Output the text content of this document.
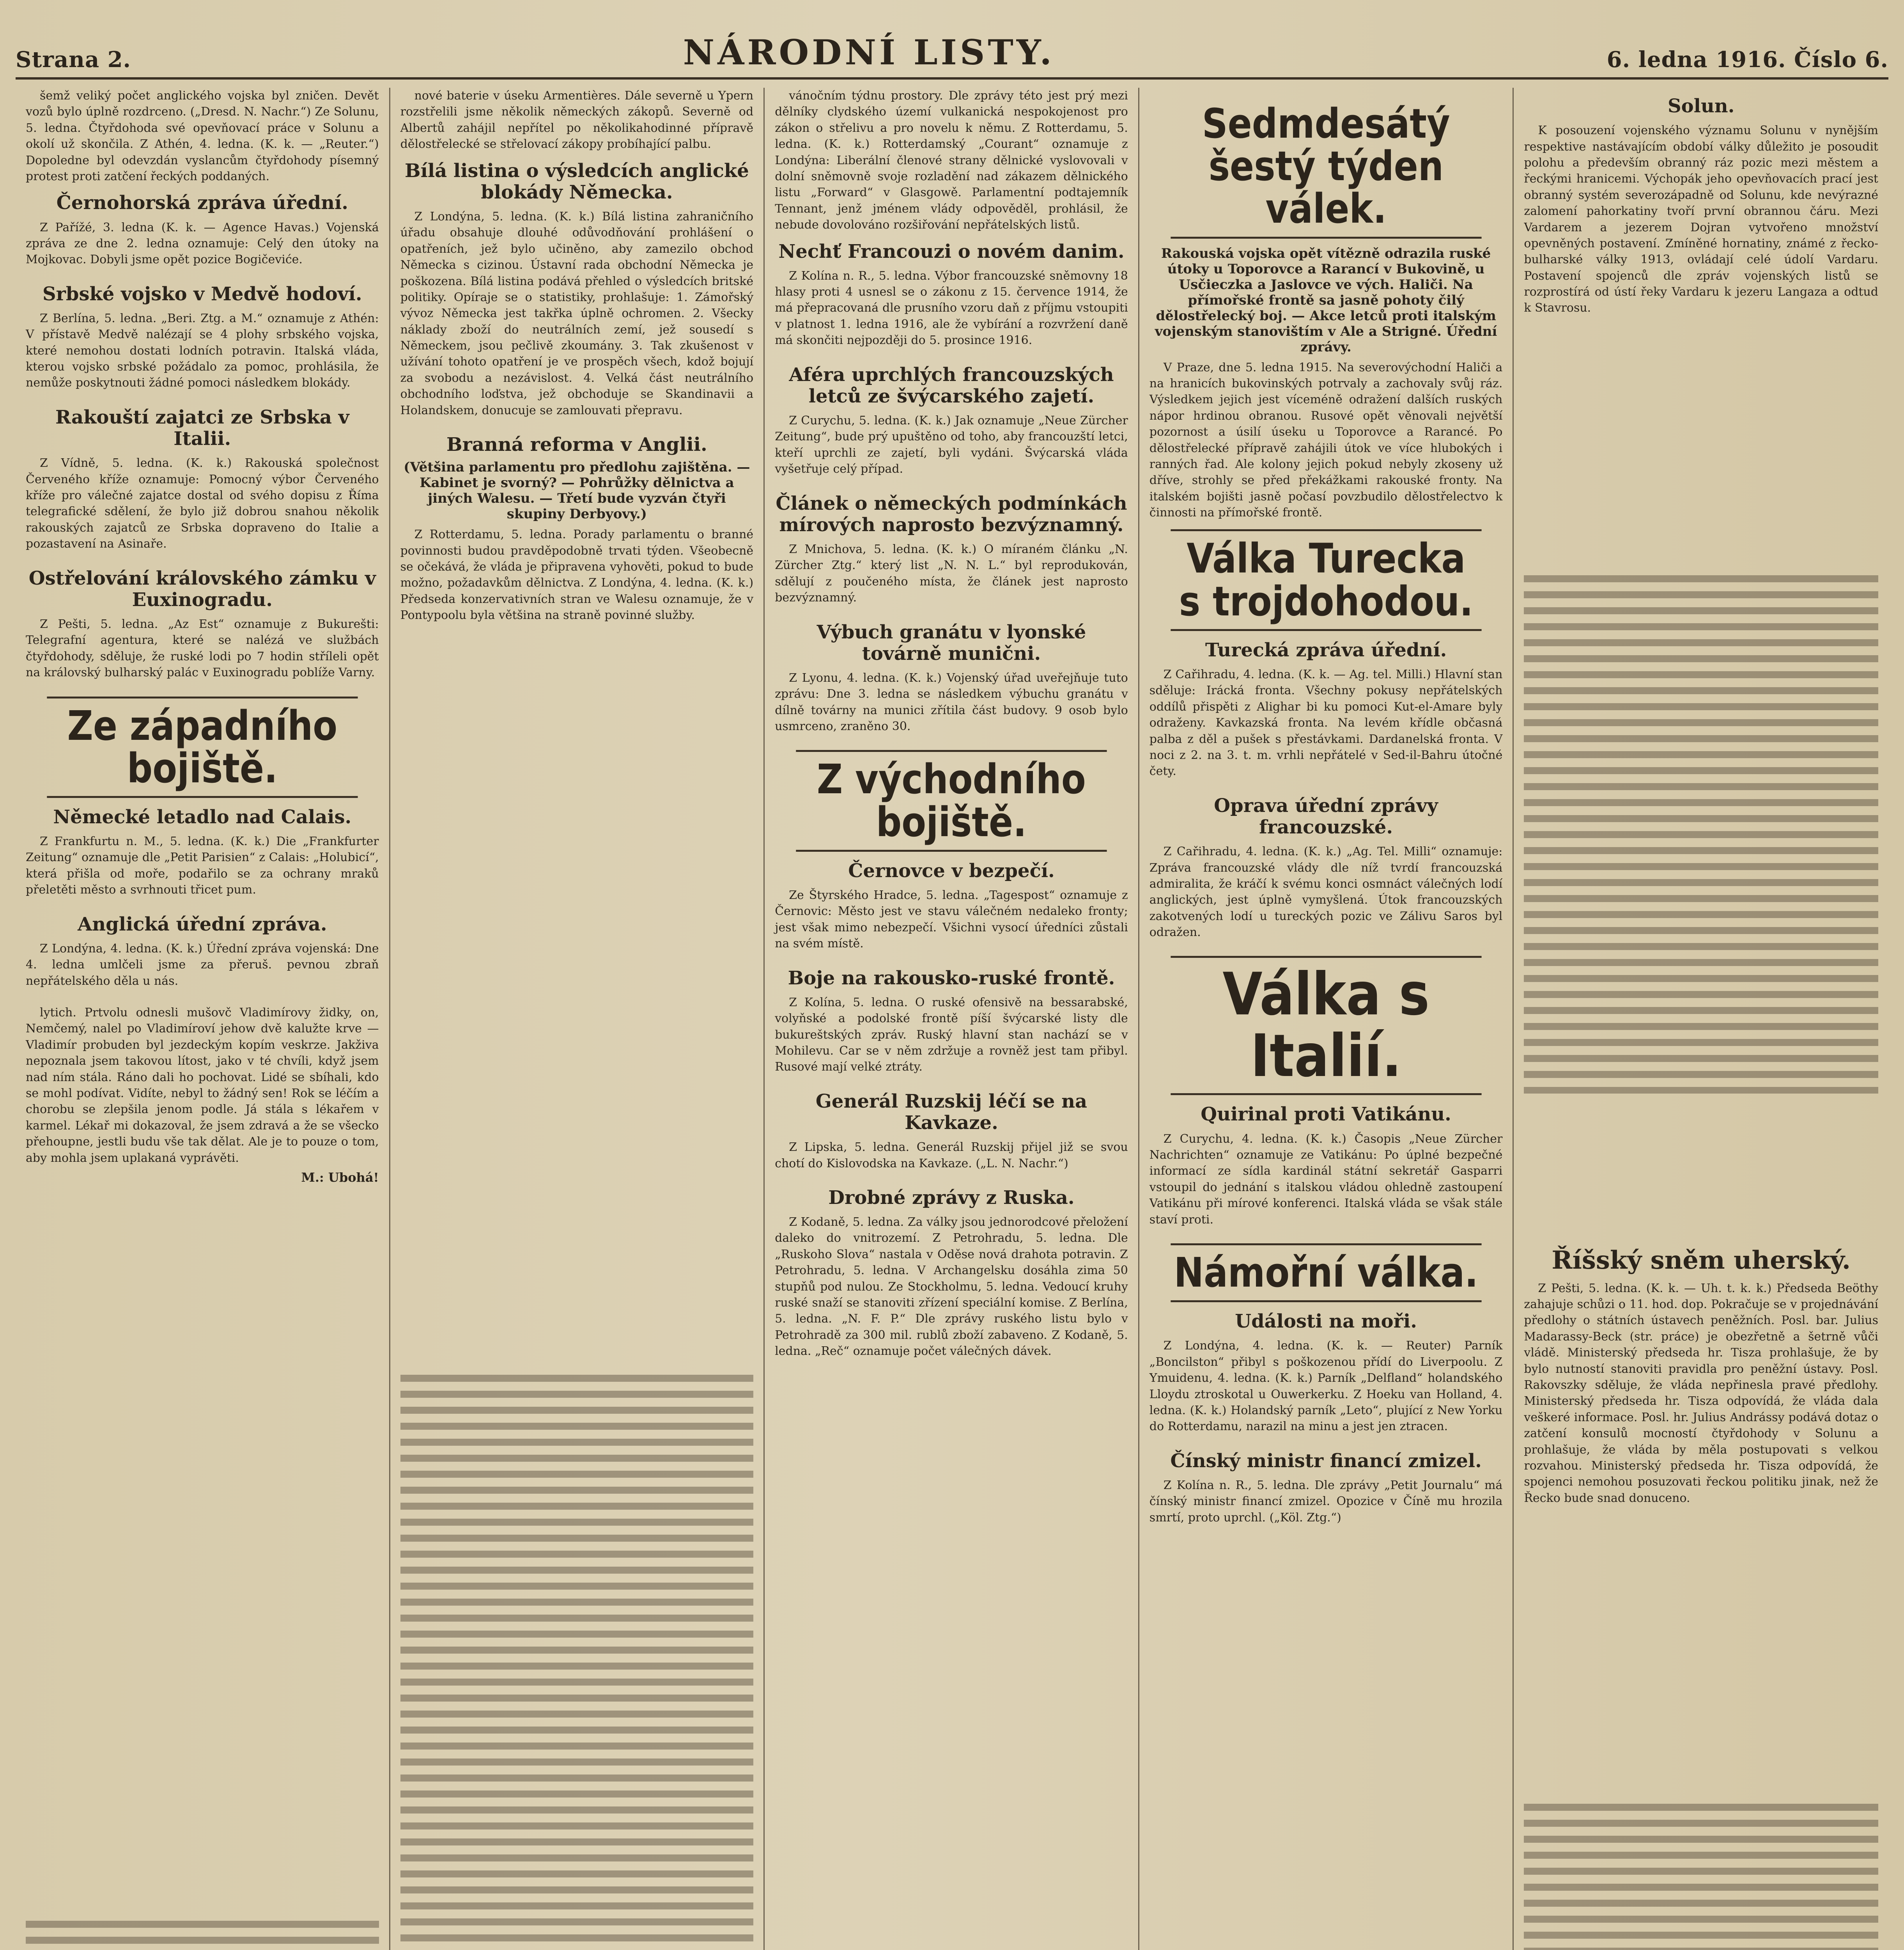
Strana 2.	NÁRODNÍ LISTY.	6. ledna 1916. Číslo 6.

šemž veliký počet anglického vojska byl zničen. Devět vozů bylo úplně rozdrceno. („Dresd. N. Nachr.“) Ze Solunu, 5. ledna. Čtyřdohoda své opevňovací práce v Solunu a okolí už skončila. Z Athén, 4. ledna. (K. k. — „Reuter.“) Dopoledne byl odevzdán vyslancům čtyřdohody písemný protest proti zatčení řeckých poddaných.

Černohorská zpráva úřední.

Z Pařížé, 3. ledna (K. k. — Agence Havas.) Vojenská zpráva ze dne 2. ledna oznamuje: Celý den útoky na Mojkovac. Dobyli jsme opět pozice Bogičeviće.

Srbské vojsko v Medvě hodoví.

Z Berlína, 5. ledna. „Beri. Ztg. a M.“ oznamuje z Athén: V přístavě Medvě nalézají se 4 plohy srbského vojska, které nemohou dostati lodních potravin. Italská vláda, kterou vojsko srbské požádalo za pomoc, prohlásila, že nemůže poskytnouti žádné pomoci následkem blokády.

Rakouští zajatci ze Srbska v Italii.

Z Vídně, 5. ledna. (K. k.) Rakouská společnost Červeného kříže oznamuje: Pomocný výbor Červeného kříže pro válečné zajatce dostal od svého dopisu z Říma telegrafické sdělení, že bylo již dobrou snahou několik rakouských zajatců ze Srbska dopraveno do Italie a pozastavení na Asinaře.

Ostřelování královského zámku v Euxinogradu.

Z Pešti, 5. ledna. „Az Est“ oznamuje z Bukurešti: Telegrafní agentura, které se nalézá ve službách čtyřdohody, sděluje, že ruské lodi po 7 hodin stříleli opět na královský bulharský palác v Euxinogradu poblíže Varny.

Ze západního bojiště.
Německé letadlo nad Calais.

Z Frankfurtu n. M., 5. ledna. (K. k.) Die „Frankfurter Zeitung“ oznamuje dle „Petit Parisien“ z Calais: „Holubicí“, která přišla od moře, podařilo se za ochrany mraků přeletěti město a svrhnouti třicet pum.

Anglická úřední zpráva.

Z Londýna, 4. ledna. (K. k.) Úřední zpráva vojenská: Dne 4. ledna umlčeli jsme za přeruš. pevnou zbraň nepřátelského děla u nás.

lytich. Prtvolu odnesli mušovč Vladimírovy židky, on, Nemčemý, nalel po Vladimíroví jehow dvě kalužte krve — Vladimír probuden byl jezdeckým kopím veskrze. Jakživa nepoznala jsem takovou lítost, jako v té chvíli, když jsem nad ním stála. Ráno dali ho pochovat. Lidé se sbíhali, kdo se mohl podívat. Vidíte, nebyl to žádný sen! Rok se léčím a chorobu se zlepšila jenom podle. Já stála s lékařem v karmel. Lékař mi dokazoval, že jsem zdravá a že se všecko přehoupne, jestli budu vše tak dělat. Ale je to pouze o tom, aby mohla jsem uplakaná vyprávěti.

M.: Ubohá!

nové baterie v úseku Armentières. Dále severně u Ypern rozstřelili jsme několik německých zákopů. Severně od Albertů zahájil nepřítel po několikahodinné přípravě dělostřelecké se střelovací zákopy probíhající palbu.

Bílá listina o výsledcích anglické blokády Německa.

Z Londýna, 5. ledna. (K. k.) Bílá listina zahraničního úřadu obsahuje dlouhé odůvodňování prohlášení o opatřeních, jež bylo učiněno, aby zamezilo obchod Německa s cizinou. Ústavní rada obchodní Německa je poškozena. Bílá listina podává přehled o výsledcích britské politiky. Opíraje se o statistiky, prohlašuje: 1. Zámořský vývoz Německa jest takřka úplně ochromen. 2. Všecky náklady zboží do neutrálních zemí, jež sousedí s Německem, jsou pečlivě zkoumány. 3. Tak zkušenost v užívání tohoto opatření je ve prospěch všech, kdož bojují za svobodu a nezávislost. 4. Velká část neutrálního obchodního loďstva, jež obchoduje se Skandinavii a Holandskem, donucuje se zamlouvati přepravu.

Branná reforma v Anglii.
(Většina parlamentu pro předlohu zajištěna. — Kabinet je svorný? — Pohrůžky dělnictva a jiných Walesu. — Třetí bude vyzván čtyři skupiny Derbyovy.)

Z Rotterdamu, 5. ledna. Porady parlamentu o branné povinnosti budou pravděpodobně trvati týden. Všeobecně se očekává, že vláda je připravena vyhověti, pokud to bude možno, požadavkům dělnictva. Z Londýna, 4. ledna. (K. k.) Předseda konzervativních stran ve Walesu oznamuje, že v Pontypoolu byla většina na straně povinné služby.

vánočním týdnu prostory. Dle zprávy této jest prý mezi dělníky clydského území vulkanická nespokojenost pro zákon o střelivu a pro novelu k němu. Z Rotterdamu, 5. ledna. (K. k.) Rotterdamský „Courant“ oznamuje z Londýna: Liberální členové strany dělnické vyslovovali v dolní sněmovně svoje rozladění nad zákazem dělnického listu „Forward“ v Glasgowě. Parlamentní podtajemník Tennant, jenž jménem vlády odpověděl, prohlásil, že nebude dovolováno rozšiřování nepřátelských listů.

Nechť Francouzi o novém danim.

Z Kolína n. R., 5. ledna. Výbor francouzské sněmovny 18 hlasy proti 4 usnesl se o zákonu z 15. července 1914, že má přepracovaná dle prusního vzoru daň z příjmu vstoupiti v platnost 1. ledna 1916, ale že vybírání a rozvržení daně má skončiti nejpozději do 5. prosince 1916.

Aféra uprchlých francouzských letců ze švýcarského zajetí.

Z Curychu, 5. ledna. (K. k.) Jak oznamuje „Neue Zürcher Zeitung“, bude prý upuštěno od toho, aby francouzští letci, kteří uprchli ze zajetí, byli vydáni. Švýcarská vláda vyšetřuje celý případ.

Článek o německých podmínkách mírových naprosto bezvýznamný.

Z Mnichova, 5. ledna. (K. k.) O míraném článku „N. Zürcher Ztg.“ který list „N. N. L.“ byl reprodukován, sdělují z poučeného místa, že článek jest naprosto bezvýznamný.

Výbuch granátu v lyonské továrně munični.

Z Lyonu, 4. ledna. (K. k.) Vojenský úřad uveřejňuje tuto zprávu: Dne 3. ledna se následkem výbuchu granátu v dílně továrny na munici zřítila část budovy. 9 osob bylo usmrceno, zraněno 30.

Z východního bojiště.
Černovce v bezpečí.

Ze Štyrského Hradce, 5. ledna. „Tagespost“ oznamuje z Černovic: Město jest ve stavu válečném nedaleko fronty; jest však mimo nebezpečí. Všichni vysocí úředníci zůstali na svém místě.

Boje na rakousko-ruské frontě.

Z Kolína, 5. ledna. O ruské ofensivě na bessarabské, volyňské a podolské frontě píší švýcarské listy dle bukureštských zpráv. Ruský hlavní stan nachází se v Mohilevu. Car se v něm zdržuje a rovněž jest tam přibyl. Rusové mají velké ztráty.

Generál Ruzskij léčí se na Kavkaze.

Z Lipska, 5. ledna. Generál Ruzskij přijel již se svou chotí do Kislovodska na Kavkaze. („L. N. Nachr.“)

Drobné zprávy z Ruska.

Z Kodaně, 5. ledna. Za války jsou jednorodcové přeložení daleko do vnitrozemí. Z Petrohradu, 5. ledna. Dle „Ruskoho Slova“ nastala v Oděse nová drahota potravin. Z Petrohradu, 5. ledna. V Archangelsku dosáhla zima 50 stupňů pod nulou. Ze Stockholmu, 5. ledna. Vedoucí kruhy ruské snaží se stanoviti zřízení speciální komise. Z Berlína, 5. ledna. „N. F. P.“ Dle zprávy ruského listu bylo v Petrohradě za 300 mil. rublů zboží zabaveno. Z Kodaně, 5. ledna. „Reč“ oznamuje počet válečných dávek.

Sedmdesátý šestý týden válek.
Rakouská vojska opět vítězně odrazila ruské útoky u Toporovce a Rarancí v Bukovině, u Usčieczka a Jaslovce ve vých. Haliči. Na přímořské frontě sa jasně pohoty čilý dělostřelecký boj. — Akce letců proti italským vojenským stanovištím v Ale a Strigné. Úřední zprávy.

V Praze, dne 5. ledna 1915. Na severovýchodní Haliči a na hranicích bukovinských potrvaly a zachovaly svůj ráz. Výsledkem jejich jest víceméně odražení dalších ruských nápor hrdinou obranou. Rusové opět věnovali největší pozornost a úsilí úseku u Toporovce a Rarancé. Po dělostřelecké přípravě zahájili útok ve více hlubokých i ranných řad. Ale kolony jejich pokud nebyly zkoseny už dříve, strohly se před překážkami rakouské fronty. Na italském bojišti jasně počasí povzbudilo dělostřelectvo k činnosti na přímořské frontě.

Válka Turecka s trojdohodou.
Turecká zpráva úřední.

Z Cařihradu, 4. ledna. (K. k. — Ag. tel. Milli.) Hlavní stan sděluje: Irácká fronta. Všechny pokusy nepřátelských oddílů přispěti z Alighar bi ku pomoci Kut-el-Amare byly odraženy. Kavkazská fronta. Na levém křídle občasná palba z děl a pušek s přestávkami. Dardanelská fronta. V noci z 2. na 3. t. m. vrhli nepřátelé v Sed-il-Bahru útočné čety.

Oprava úřední zprávy francouzské.

Z Cařihradu, 4. ledna. (K. k.) „Ag. Tel. Milli“ oznamuje: Zpráva francouzské vlády dle níž tvrdí francouzská admiralita, že kráčí k svému konci osmnáct válečných lodí anglických, jest úplně vymyšlená. Útok francouzských zakotvených lodí u tureckých pozic ve Zálivu Saros byl odražen.

Válka s Italií.
Quirinal proti Vatikánu.

Z Curychu, 4. ledna. (K. k.) Časopis „Neue Zürcher Nachrichten“ oznamuje ze Vatikánu: Po úplné bezpečné informací ze sídla kardinál státní sekretář Gasparri vstoupil do jednání s italskou vládou ohledně zastoupení Vatikánu při mírové konferenci. Italská vláda se však stále staví proti.

Námořní válka.
Události na moři.

Z Londýna, 4. ledna. (K. k. — Reuter) Parník „Boncilston“ přibyl s poškozenou přídí do Liverpoolu. Z Ymuidenu, 4. ledna. (K. k.) Parník „Delfland“ holandského Lloydu ztroskotal u Ouwerkerku. Z Hoeku van Holland, 4. ledna. (K. k.) Holandský parník „Leto“, plující z New Yorku do Rotterdamu, narazil na minu a jest jen ztracen.

Čínský ministr financí zmizel.

Z Kolína n. R., 5. ledna. Dle zprávy „Petit Journalu“ má čínský ministr financí zmizel. Opozice v Číně mu hrozila smrtí, proto uprchl. („Köl. Ztg.“)

Solun.

K posouzení vojenského významu Solunu v nynějším respektive nastávajícím období války důležito je posoudit polohu a především obranný ráz pozic mezi městem a řeckými hranicemi. Výchopák jeho opevňovacích prací jest obranný systém severozápadně od Solunu, kde nevýrazné zalomení pahorkatiny tvoří první obrannou čáru. Mezi Vardarem a jezerem Dojran vytvořeno množství opevněných postavení. Zmíněné hornatiny, známé z řecko-bulharské války 1913, ovládají celé údolí Vardaru. Postavení spojenců dle zpráv vojenských listů se rozprostírá od ústí řeky Vardaru k jezeru Langaza a odtud k Stavrosu.

Říšský sněm uherský.

Z Pešti, 5. ledna. (K. k. — Uh. t. k. k.) Předseda Beöthy zahajuje schůzi o 11. hod. dop. Pokračuje se v projednávání předlohy o státních ústavech peněžních. Posl. bar. Julius Madarassy-Beck (str. práce) je obezřetně a šetrně vůči vládě. Ministerský předseda hr. Tisza prohlašuje, že by bylo nutností stanoviti pravidla pro peněžní ústavy. Posl. Rakovszky sděluje, že vláda nepřinesla pravé předlohy. Ministerský předseda hr. Tisza odpovídá, že vláda dala veškeré informace. Posl. hr. Julius Andrássy podává dotaz o zatčení konsulů mocností čtyřdohody v Solunu a prohlašuje, že vláda by měla postupovati s velkou rozvahou. Ministerský předseda hr. Tisza odpovídá, že spojenci nemohou posuzovati řeckou politiku jinak, než že Řecko bude snad donuceno.
